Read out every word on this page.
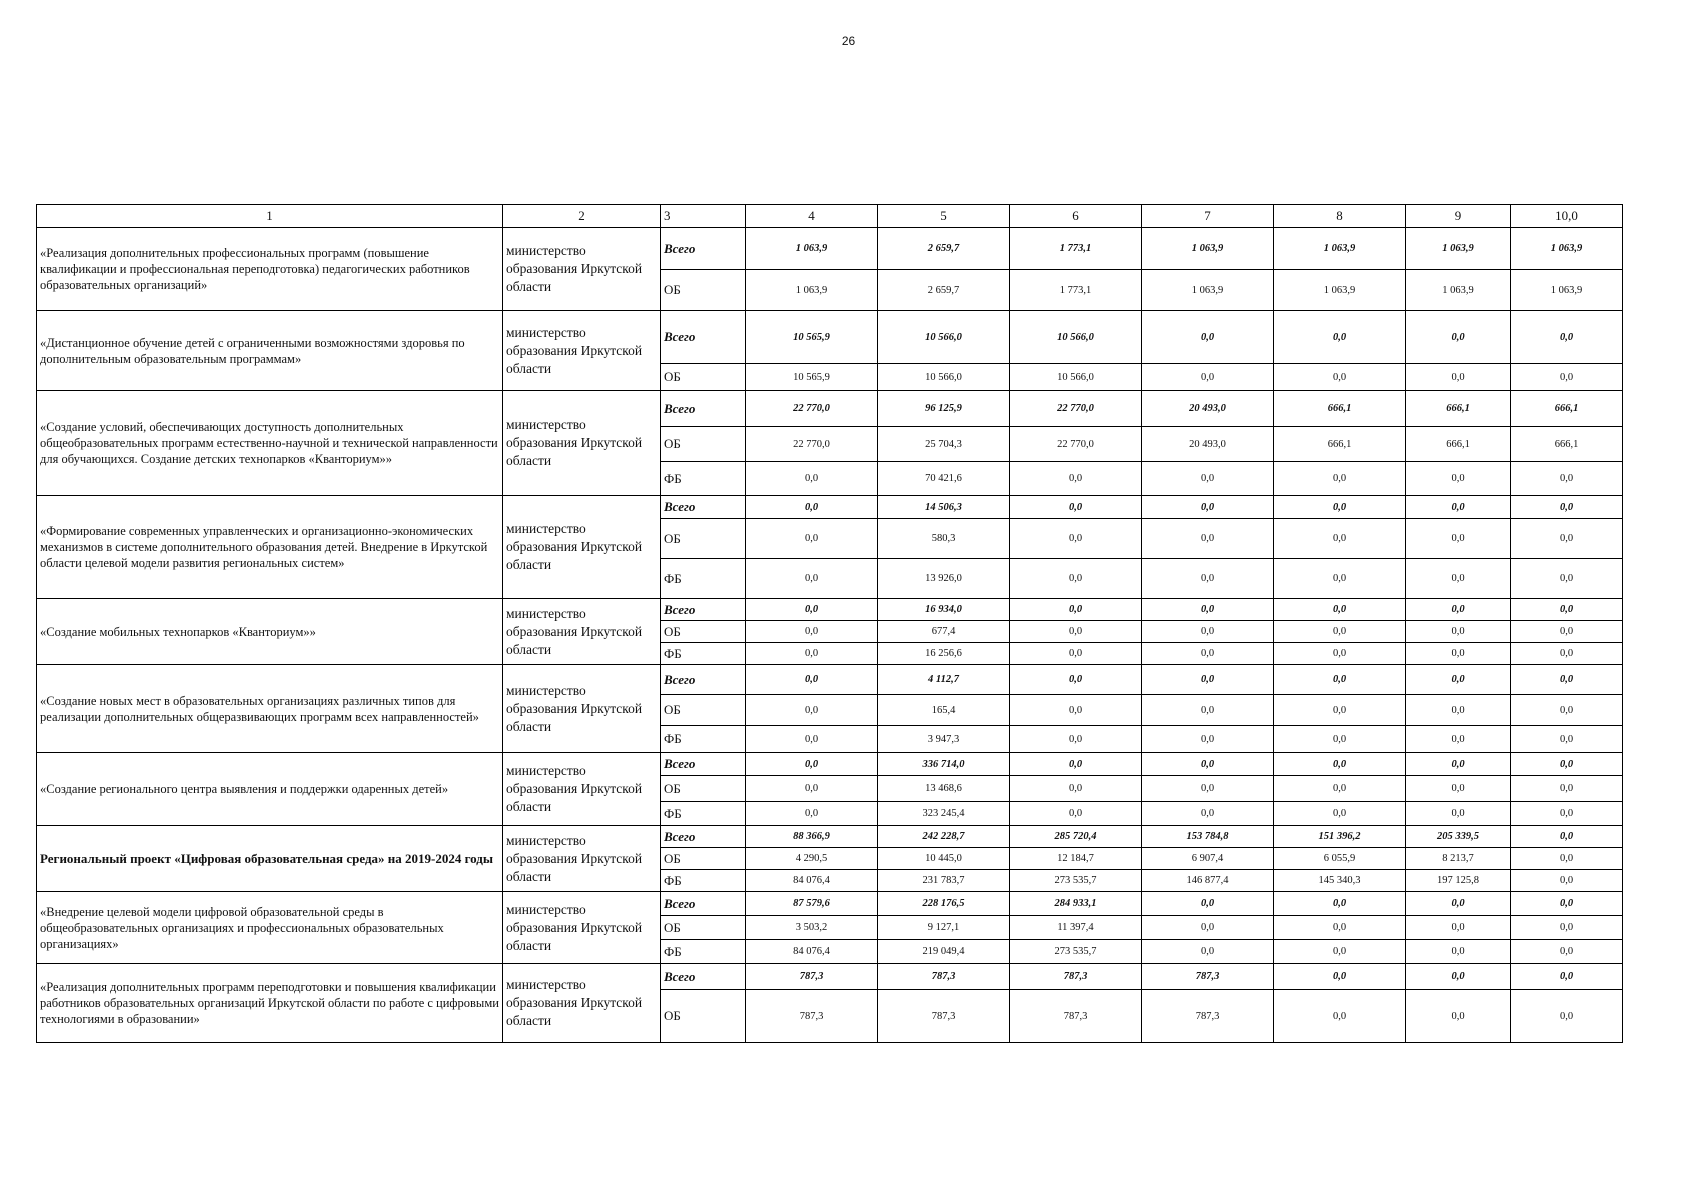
26
1	2	3	4	5	6	7	8	9	10,0
«Реализация дополнительных профессиональных программ (повышение квалификации и профессиональная переподготовка) педагогических работников образовательных организаций»	министерство образования Иркутской области	Всего	1 063,9	2 659,7	1 773,1	1 063,9	1 063,9	1 063,9	1 063,9
		ОБ	1 063,9	2 659,7	1 773,1	1 063,9	1 063,9	1 063,9	1 063,9
«Дистанционное обучение детей с ограниченными возможностями здоровья по дополнительным образовательным программам»	министерство образования Иркутской области	Всего	10 565,9	10 566,0	10 566,0	0,0	0,0	0,0	0,0
		ОБ	10 565,9	10 566,0	10 566,0	0,0	0,0	0,0	0,0
«Создание условий, обеспечивающих доступность дополнительных общеобразовательных программ естественно-научной и технической направленности для обучающихся. Создание детских технопарков «Кванториум»»	министерство образования Иркутской области	Всего	22 770,0	96 125,9	22 770,0	20 493,0	666,1	666,1	666,1
		ОБ	22 770,0	25 704,3	22 770,0	20 493,0	666,1	666,1	666,1
		ФБ	0,0	70 421,6	0,0	0,0	0,0	0,0	0,0
«Формирование современных управленческих и организационно-экономических механизмов в системе дополнительного образования детей. Внедрение в Иркутской области целевой модели развития региональных систем»	министерство образования Иркутской области	Всего	0,0	14 506,3	0,0	0,0	0,0	0,0	0,0
		ОБ	0,0	580,3	0,0	0,0	0,0	0,0	0,0
		ФБ	0,0	13 926,0	0,0	0,0	0,0	0,0	0,0
«Создание мобильных технопарков «Кванториум»»	министерство образования Иркутской области	Всего	0,0	16 934,0	0,0	0,0	0,0	0,0	0,0
		ОБ	0,0	677,4	0,0	0,0	0,0	0,0	0,0
		ФБ	0,0	16 256,6	0,0	0,0	0,0	0,0	0,0
«Создание новых мест в образовательных организациях различных типов для реализации дополнительных общеразвивающих программ всех направленностей»	министерство образования Иркутской области	Всего	0,0	4 112,7	0,0	0,0	0,0	0,0	0,0
		ОБ	0,0	165,4	0,0	0,0	0,0	0,0	0,0
		ФБ	0,0	3 947,3	0,0	0,0	0,0	0,0	0,0
«Создание регионального центра выявления и поддержки одаренных детей»	министерство образования Иркутской области	Всего	0,0	336 714,0	0,0	0,0	0,0	0,0	0,0
		ОБ	0,0	13 468,6	0,0	0,0	0,0	0,0	0,0
		ФБ	0,0	323 245,4	0,0	0,0	0,0	0,0	0,0
Региональный проект «Цифровая образовательная среда» на 2019-2024 годы	министерство образования Иркутской области	Всего	88 366,9	242 228,7	285 720,4	153 784,8	151 396,2	205 339,5	0,0
		ОБ	4 290,5	10 445,0	12 184,7	6 907,4	6 055,9	8 213,7	0,0
		ФБ	84 076,4	231 783,7	273 535,7	146 877,4	145 340,3	197 125,8	0,0
«Внедрение целевой модели цифровой образовательной среды в общеобразовательных организациях и профессиональных образовательных организациях»	министерство образования Иркутской области	Всего	87 579,6	228 176,5	284 933,1	0,0	0,0	0,0	0,0
		ОБ	3 503,2	9 127,1	11 397,4	0,0	0,0	0,0	0,0
		ФБ	84 076,4	219 049,4	273 535,7	0,0	0,0	0,0	0,0
«Реализация дополнительных программ переподготовки и повышения квалификации работников образовательных организаций Иркутской области по работе с цифровыми технологиями в образовании»	министерство образования Иркутской области	Всего	787,3	787,3	787,3	787,3	0,0	0,0	0,0
		ОБ	787,3	787,3	787,3	787,3	0,0	0,0	0,0
